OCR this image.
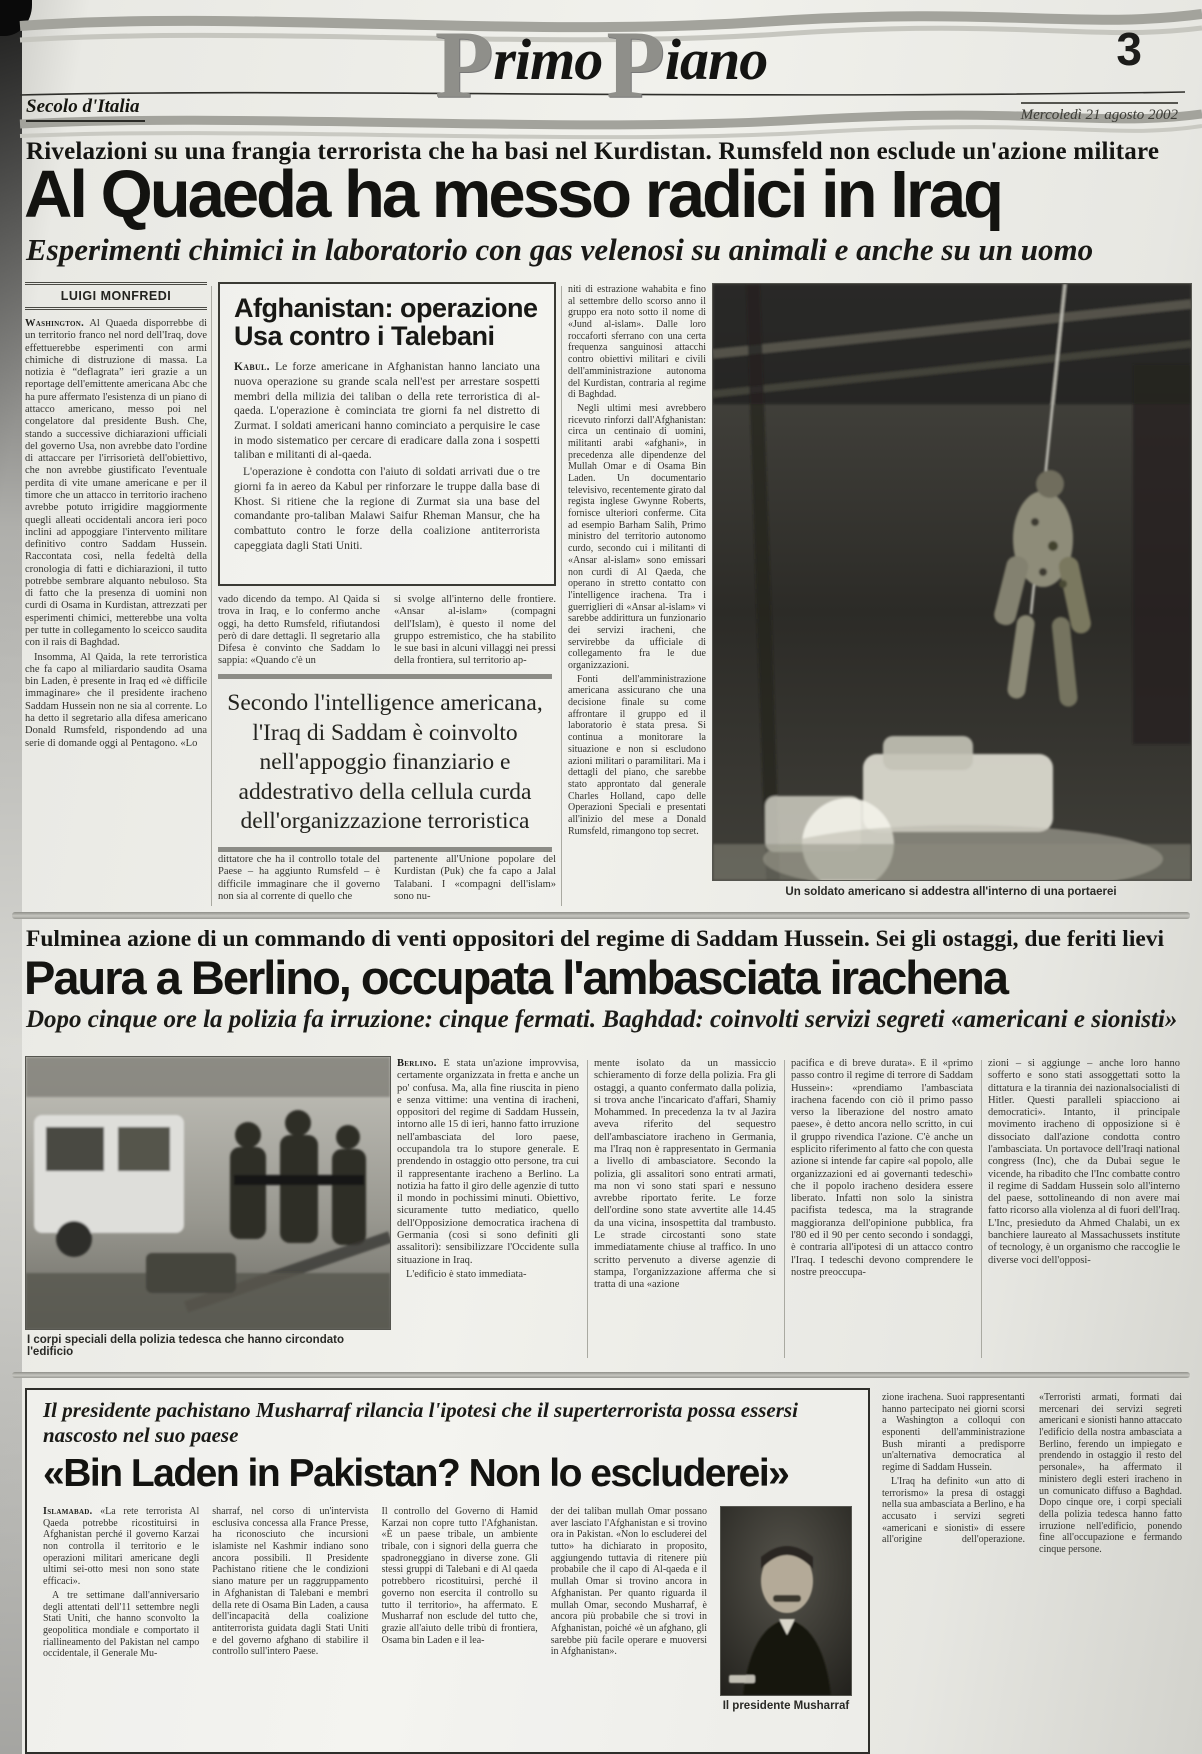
Primo Piano	3
Secolo d'Italia	Mercoledì 21 agosto 2002
Rivelazioni su una frangia terrorista che ha basi nel Kurdistan. Rumsfeld non esclude un'azione militare
Al Quaeda ha messo radici in Iraq
Esperimenti chimici in laboratorio con gas velenosi su animali e anche su un uomo
LUIGI MONFREDI

Washington. Al Quaeda disporrebbe di un territorio franco nel nord dell'Iraq, dove effettuerebbe esperimenti con armi chimiche di distruzione di massa. La notizia è “deflagrata” ieri grazie a un reportage dell'emittente americana Abc che ha pure affermato l'esistenza di un piano di attacco americano, messo poi nel congelatore dal presidente Bush. Che, stando a successive dichiarazioni ufficiali del governo Usa, non avrebbe dato l'ordine di attaccare per l'irrisorietà dell'obiettivo, che non avrebbe giustificato l'eventuale perdita di vite umane americane e per il timore che un attacco in territorio iracheno avrebbe potuto irrigidire maggiormente quegli alleati occidentali ancora ieri poco inclini ad appoggiare l'intervento militare definitivo contro Saddam Hussein. Raccontata così, nella fedeltà della cronologia di fatti e dichiarazioni, il tutto potrebbe sembrare alquanto nebuloso. Sta di fatto che la presenza di uomini non curdi di Osama in Kurdistan, attrezzati per esperimenti chimici, metterebbe una volta per tutte in collegamento lo sceicco saudita con il rais di Baghdad.

Insomma, Al Qaida, la rete terroristica che fa capo al miliardario saudita Osama bin Laden, è presente in Iraq ed «è difficile immaginare» che il presidente iracheno Saddam Hussein non ne sia al corrente. Lo ha detto il segretario alla difesa americano Donald Rumsfeld, rispondendo ad una serie di domande oggi al Pentagono. «Lo

Afghanistan: operazione
Usa contro i Talebani

Kabul. Le forze americane in Afghanistan hanno lanciato una nuova operazione su grande scala nell'est per arrestare sospetti membri della milizia dei taliban o della rete terroristica di al-qaeda. L'operazione è cominciata tre giorni fa nel distretto di Zurmat. I soldati americani hanno cominciato a perquisire le case in modo sistematico per cercare di eradicare dalla zona i sospetti taliban e militanti di al-qaeda.

L'operazione è condotta con l'aiuto di soldati arrivati due o tre giorni fa in aereo da Kabul per rinforzare le truppe dalla base di Khost. Si ritiene che la regione di Zurmat sia una base del comandante pro-taliban Malawi Saifur Rheman Mansur, che ha combattuto contro le forze della coalizione antiterrorista capeggiata dagli Stati Uniti.

vado dicendo da tempo. Al Qaida si trova in Iraq, e lo confermo anche oggi, ha detto Rumsfeld, rifiutandosi però di dare dettagli. Il segretario alla Difesa è convinto che Saddam lo sappia: «Quando c'è un
si svolge all'interno delle frontiere. «Ansar al-islam» (compagni dell'Islam), è questo il nome del gruppo estremistico, che ha stabilito le sue basi in alcuni villaggi nei pressi della frontiera, sul territorio ap-
Secondo l'intelligence americana, l'Iraq di Saddam è coinvolto nell'appoggio finanziario e addestrativo della cellula curda dell'organizzazione terroristica
dittatore che ha il controllo totale del Paese – ha aggiunto Rumsfeld – è difficile immaginare che il governo non sia al corrente di quello che
partenente all'Unione popolare del Kurdistan (Puk) che fa capo a Jalal Talabani. I «compagni dell'islam» sono nu-

niti di estrazione wahabita e fino al settembre dello scorso anno il gruppo era noto sotto il nome di «Jund al-islam». Dalle loro roccaforti sferrano con una certa frequenza sanguinosi attacchi contro obiettivi militari e civili dell'amministrazione autonoma del Kurdistan, contraria al regime di Baghdad.

Negli ultimi mesi avrebbero ricevuto rinforzi dall'Afghanistan: circa un centinaio di uomini, militanti arabi «afghani», in precedenza alle dipendenze del Mullah Omar e di Osama Bin Laden. Un documentario televisivo, recentemente girato dal regista inglese Gwynne Roberts, fornisce ulteriori conferme. Cita ad esempio Barham Salih, Primo ministro del territorio autonomo curdo, secondo cui i militanti di «Ansar al-islam» sono emissari non curdi di Al Qaeda, che operano in stretto contatto con l'intelligence irachena. Tra i guerriglieri di «Ansar al-islam» vi sarebbe addirittura un funzionario dei servizi iracheni, che servirebbe da ufficiale di collegamento fra le due organizzazioni.

Fonti dell'amministrazione americana assicurano che una decisione finale su come affrontare il gruppo ed il laboratorio è stata presa. Si continua a monitorare la situazione e non si escludono azioni militari o paramilitari. Ma i dettagli del piano, che sarebbe stato approntato dal generale Charles Holland, capo delle Operazioni Speciali e presentati all'inizio del mese a Donald Rumsfeld, rimangono top secret.

Un soldato americano si addestra all'interno di una portaerei
Fulminea azione di un commando di venti oppositori del regime di Saddam Hussein. Sei gli ostaggi, due feriti lievi
Paura a Berlino, occupata l'ambasciata irachena
Dopo cinque ore la polizia fa irruzione: cinque fermati. Baghdad: coinvolti servizi segreti «americani e sionisti»
I corpi speciali della polizia tedesca che hanno circondato l'edificio

Berlino. È stata un'azione improvvisa, certamente organizzata in fretta e anche un po' confusa. Ma, alla fine riuscita in pieno e senza vittime: una ventina di iracheni, oppositori del regime di Saddam Hussein, intorno alle 15 di ieri, hanno fatto irruzione nell'ambasciata del loro paese, occupandola tra lo stupore generale. E prendendo in ostaggio otto persone, tra cui il rappresentante iracheno a Berlino. La notizia ha fatto il giro delle agenzie di tutto il mondo in pochissimi minuti. Obiettivo, sicuramente tutto mediatico, quello dell'Opposizione democratica irachena di Germania (così si sono definiti gli assalitori): sensibilizzare l'Occidente sulla situazione in Iraq.

L'edificio è stato immediata-

mente isolato da un massiccio schieramento di forze della polizia. Fra gli ostaggi, a quanto confermato dalla polizia, si trova anche l'incaricato d'affari, Shamiy Mohammed. In precedenza la tv al Jazira aveva riferito del sequestro dell'ambasciatore iracheno in Germania, ma l'Iraq non è rappresentato in Germania a livello di ambasciatore. Secondo la polizia, gli assalitori sono entrati armati, ma non vi sono stati spari e nessuno avrebbe riportato ferite. Le forze dell'ordine sono state avvertite alle 14.45 da una vicina, insospettita dal trambusto. Le strade circostanti sono state immediatamente chiuse al traffico. In uno scritto pervenuto a diverse agenzie di stampa, l'organizzazione afferma che si tratta di una «azione
pacifica e di breve durata». È il «primo passo contro il regime di terrore di Saddam Hussein»: «prendiamo l'ambasciata irachena facendo con ciò il primo passo verso la liberazione del nostro amato paese», è detto ancora nello scritto, in cui il gruppo rivendica l'azione. C'è anche un esplicito riferimento al fatto che con questa azione si intende far capire «al popolo, alle organizzazioni ed ai governanti tedeschi» che il popolo iracheno desidera essere liberato. Infatti non solo la sinistra pacifista tedesca, ma la stragrande maggioranza dell'opinione pubblica, fra l'80 ed il 90 per cento secondo i sondaggi, è contraria all'ipotesi di un attacco contro l'Iraq. I tedeschi devono comprendere le nostre preoccupa-
zioni – si aggiunge – anche loro hanno sofferto e sono stati assoggettati sotto la dittatura e la tirannia dei nazionalsocialisti di Hitler. Questi paralleli spiacciono ai democratici». Intanto, il principale movimento iracheno di opposizione si è dissociato dall'azione condotta contro l'ambasciata. Un portavoce dell'Iraqi national congress (Inc), che da Dubai segue le vicende, ha ribadito che l'Inc combatte contro il regime di Saddam Hussein solo all'interno del paese, sottolineando di non avere mai fatto ricorso alla violenza al di fuori dell'Iraq. L'Inc, presieduto da Ahmed Chalabi, un ex banchiere laureato al Massachussets institute of tecnology, è un organismo che raccoglie le diverse voci dell'opposi-
Il presidente pachistano Musharraf rilancia l'ipotesi che il superterrorista possa essersi nascosto nel suo paese
«Bin Laden in Pakistan? Non lo escluderei»

Islamabad. «La rete terrorista Al Qaeda potrebbe ricostituirsi in Afghanistan perché il governo Karzai non controlla il territorio e le operazioni militari americane degli ultimi sei-otto mesi non sono state efficaci».

A tre settimane dall'anniversario degli attentati dell'11 settembre negli Stati Uniti, che hanno sconvolto la geopolitica mondiale e comportato il riallineamento del Pakistan nel campo occidentale, il Generale Mu-

sharraf, nel corso di un'intervista esclusiva concessa alla France Presse, ha riconosciuto che incursioni islamiste nel Kashmir indiano sono ancora possibili. Il Presidente Pachistano ritiene che le condizioni siano mature per un raggruppamento in Afghanistan di Talebani e membri della rete di Osama Bin Laden, a causa dell'incapacità della coalizione antiterrorista guidata dagli Stati Uniti e del governo afghano di stabilire il controllo sull'intero Paese.
Il controllo del Governo di Hamid Karzai non copre tutto l'Afghanistan. «È un paese tribale, un ambiente tribale, con i signori della guerra che spadroneggiano in diverse zone. Gli stessi gruppi di Talebani e di Al qaeda potrebbero ricostituirsi, perché il governo non esercita il controllo su tutto il territorio», ha affermato. E Musharraf non esclude del tutto che, grazie all'aiuto delle tribù di frontiera, Osama bin Laden e il lea-
der dei taliban mullah Omar possano aver lasciato l'Afghanistan e si trovino ora in Pakistan. «Non lo escluderei del tutto» ha dichiarato in proposito, aggiungendo tuttavia di ritenere più probabile che il capo di Al-qaeda e il mullah Omar si trovino ancora in Afghanistan. Per quanto riguarda il mullah Omar, secondo Musharraf, è ancora più probabile che si trovi in Afghanistan, poiché «è un afghano, gli sarebbe più facile operare e muoversi in Afghanistan».
Il presidente Musharraf

zione irachena. Suoi rappresentanti hanno partecipato nei giorni scorsi a Washington a colloqui con esponenti dell'amministrazione Bush miranti a predisporre un'alternativa democratica al regime di Saddam Hussein.

L'Iraq ha definito «un atto di terrorismo» la presa di ostaggi nella sua ambasciata a Berlino, e ha accusato i servizi segreti «americani e sionisti» di essere all'origine dell'operazione. «Terroristi armati, formati dai mercenari dei servizi segreti americani e sionisti hanno attaccato l'edificio della nostra ambasciata a Berlino, ferendo un impiegato e prendendo in ostaggio il resto del personale», ha affermato il ministero degli esteri iracheno in un comunicato diffuso a Baghdad. Dopo cinque ore, i corpi speciali della polizia tedesca hanno fatto irruzione nell'edificio, ponendo fine all'occupazione e fermando cinque persone.
